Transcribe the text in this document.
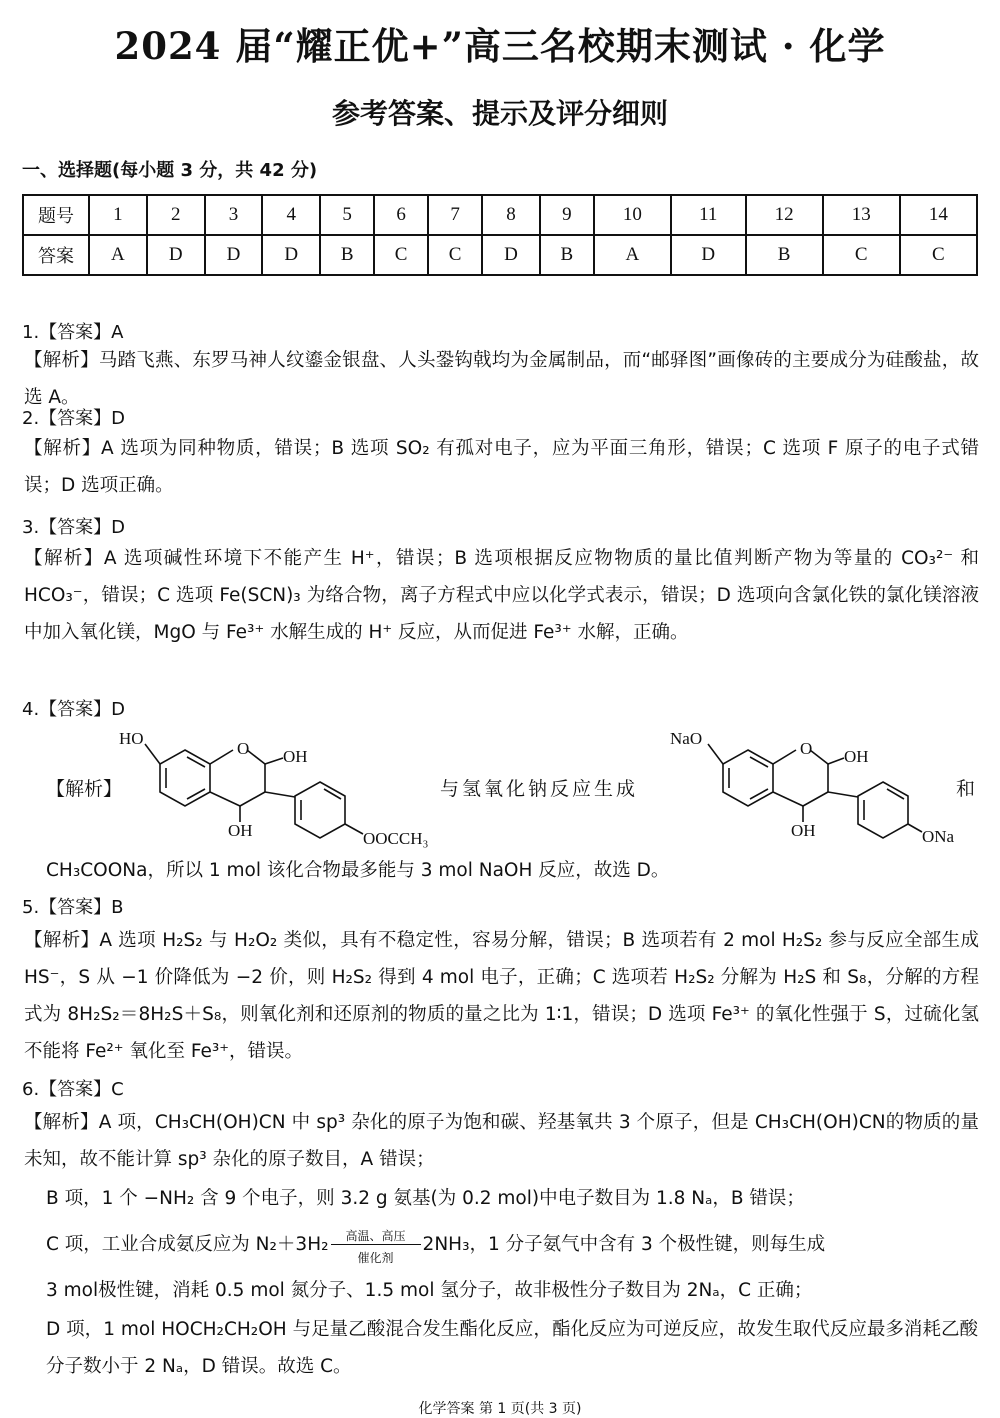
2024 届“耀正优+”高三名校期末测试 · 化学
参考答案、提示及评分细则
一、选择题(每小题 3 分，共 42 分)
题号	1	2	3	4	5	6	7	8	9	10	11	12	13	14
答案	A	D	D	D	B	C	C	D	B	A	D	B	C	C
1.【答案】A
【解析】马踏飞燕、东罗马神人纹鎏金银盘、人头銎钩戟均为金属制品，而“邮驿图”画像砖的主要成分为硅酸盐，故选 A。
2.【答案】D
【解析】A 选项为同种物质，错误；B 选项 SO₂ 有孤对电子，应为平面三角形，错误；C 选项 F 原子的电子式错误；D 选项正确。
3.【答案】D
【解析】A 选项碱性环境下不能产生 H⁺，错误；B 选项根据反应物物质的量比值判断产物为等量的 CO₃²⁻ 和 HCO₃⁻，错误；C 选项 Fe(SCN)₃ 为络合物，离子方程式中应以化学式表示，错误；D 选项向含氯化铁的氯化镁溶液中加入氧化镁，MgO 与 Fe³⁺ 水解生成的 H⁺ 反应，从而促进 Fe³⁺ 水解，正确。
4.【答案】D
【解析】
O
HO
OH
OH	OOCCH₃
与氢氧化钠反应生成
O
NaO
OH
OH	ONa
和
CH₃COONa，所以 1 mol 该化合物最多能与 3 mol NaOH 反应，故选 D。
5.【答案】B
【解析】A 选项 H₂S₂ 与 H₂O₂ 类似，具有不稳定性，容易分解，错误；B 选项若有 2 mol H₂S₂ 参与反应全部生成 HS⁻，S 从 −1 价降低为 −2 价，则 H₂S₂ 得到 4 mol 电子，正确；C 选项若 H₂S₂ 分解为 H₂S 和 S₈，分解的方程式为 8H₂S₂＝8H₂S＋S₈，则氧化剂和还原剂的物质的量之比为 1∶1，错误；D 选项 Fe³⁺ 的氧化性强于 S，过硫化氢不能将 Fe²⁺ 氧化至 Fe³⁺，错误。
6.【答案】C
【解析】A 项，CH₃CH(OH)CN 中 sp³ 杂化的原子为饱和碳、羟基氧共 3 个原子，但是 CH₃CH(OH)CN的物质的量未知，故不能计算 sp³ 杂化的原子数目，A 错误；
B 项，1 个 −NH₂ 含 9 个电子，则 3.2 g 氨基(为 0.2 mol)中电子数目为 1.8 Nₐ，B 错误；
C 项，工业合成氨反应为 N₂＋3H₂	高温、高压
催化剂
2NH₃，1 分子氨气中含有 3 个极性键，则每生成
3 mol极性键，消耗 0.5 mol 氮分子、1.5 mol 氢分子，故非极性分子数目为 2Nₐ，C 正确；
D 项，1 mol HOCH₂CH₂OH 与足量乙酸混合发生酯化反应，酯化反应为可逆反应，故发生取代反应最多消耗乙酸分子数小于 2 Nₐ，D 错误。故选 C。
化学答案 第 1 页(共 3 页)
